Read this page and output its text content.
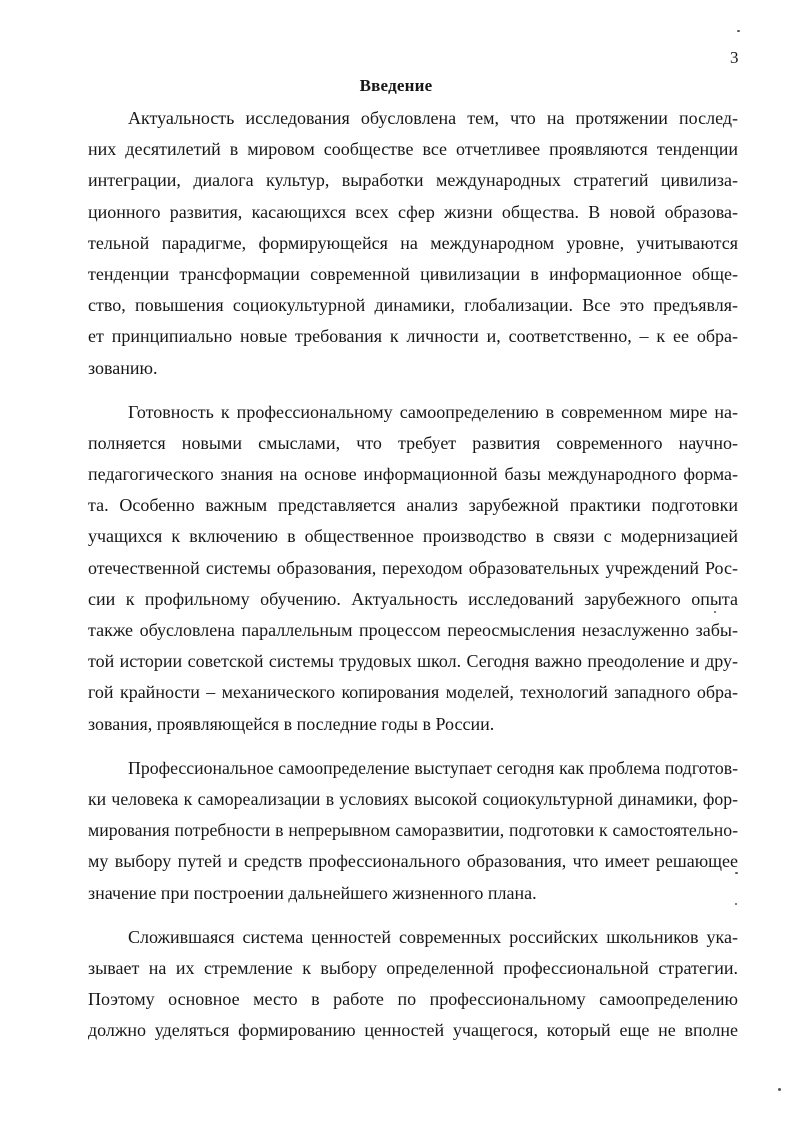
3
Введение
Актуальность исследования обусловлена тем, что на протяжении послед-
них десятилетий в мировом сообществе все отчетливее проявляются тенденции
интеграции, диалога культур, выработки международных стратегий цивилиза-
ционного развития, касающихся всех сфер жизни общества. В новой образова-
тельной парадигме, формирующейся на международном уровне, учитываются
тенденции трансформации современной цивилизации в информационное обще-
ство, повышения социокультурной динамики, глобализации. Все это предъявля-
ет принципиально новые требования к личности и, соответственно, – к ее обра-
зованию.
Готовность к профессиональному самоопределению в современном мире на-
полняется новыми смыслами, что требует развития современного научно-
педагогического знания на основе информационной базы международного форма-
та. Особенно важным представляется анализ зарубежной практики подготовки
учащихся к включению в общественное производство в связи с модернизацией
отечественной системы образования, переходом образовательных учреждений Рос-
сии к профильному обучению. Актуальность исследований зарубежного опыта
также обусловлена параллельным процессом переосмысления незаслуженно забы-
той истории советской системы трудовых школ. Сегодня важно преодоление и дру-
гой крайности – механического копирования моделей, технологий западного обра-
зования, проявляющейся в последние годы в России.
Профессиональное самоопределение выступает сегодня как проблема подготов-
ки человека к самореализации в условиях высокой социокультурной динамики, фор-
мирования потребности в непрерывном саморазвитии, подготовки к самостоятельно-
му выбору путей и средств профессионального образования, что имеет решающее
значение при построении дальнейшего жизненного плана.
Сложившаяся система ценностей современных российских школьников ука-
зывает на их стремление к выбору определенной профессиональной стратегии.
Поэтому основное место в работе по профессиональному самоопределению
должно уделяться формированию ценностей учащегося, который еще не вполне
